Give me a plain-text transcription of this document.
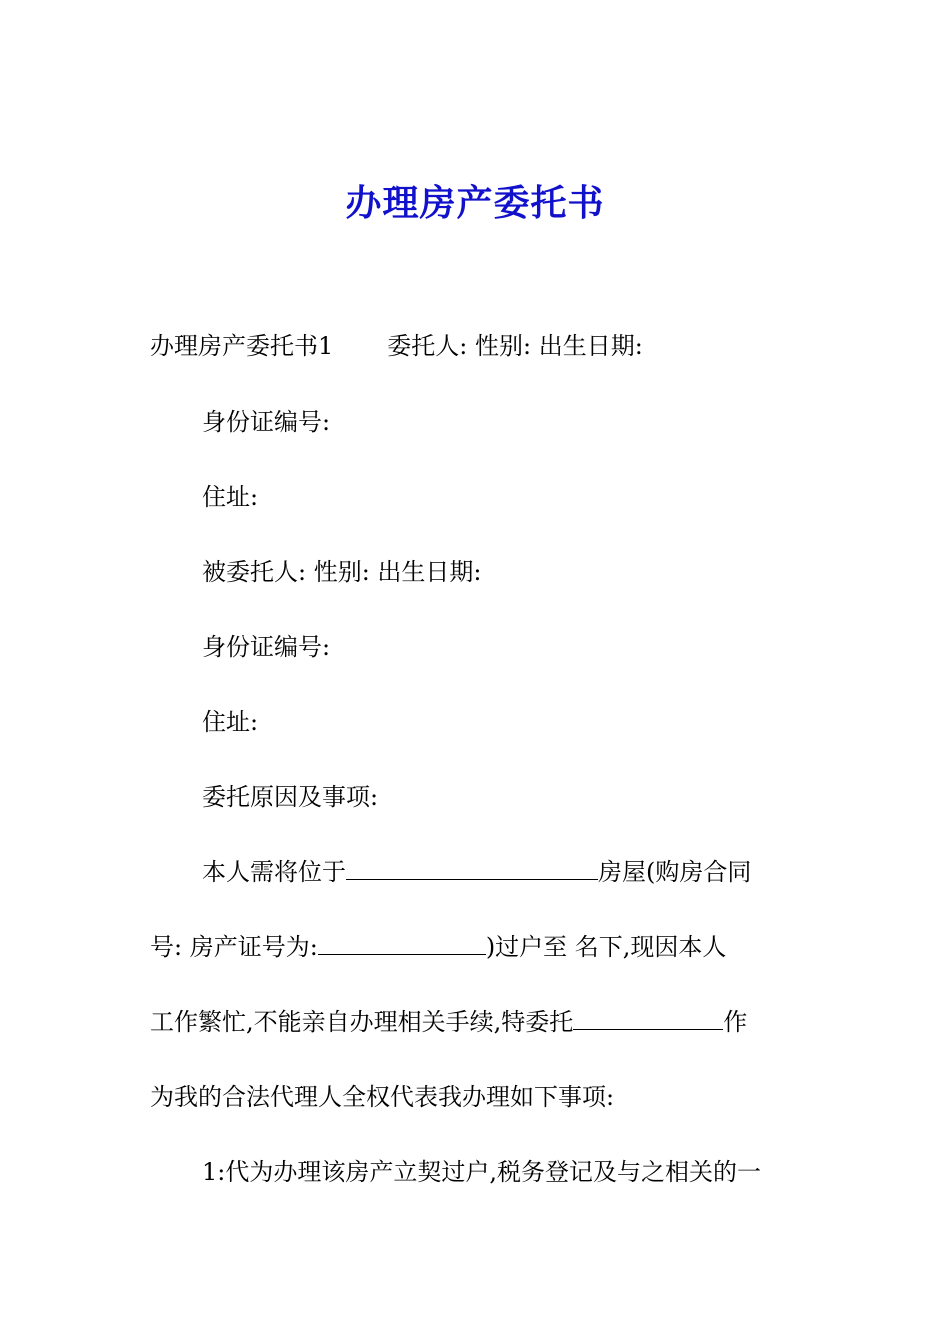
办理房产委托书
办理房产委托书1 委托人: 性别: 出生日期:
身份证编号:
住址:
被委托人: 性别: 出生日期:
身份证编号:
住址:
委托原因及事项:
本人需将位于	房屋(购房合同
号: 房产证号为:	)过户至 名下,现因本人
工作繁忙,不能亲自办理相关手续,特委托	作
为我的合法代理人全权代表我办理如下事项:
1:代为办理该房产立契过户,税务登记及与之相关的一
